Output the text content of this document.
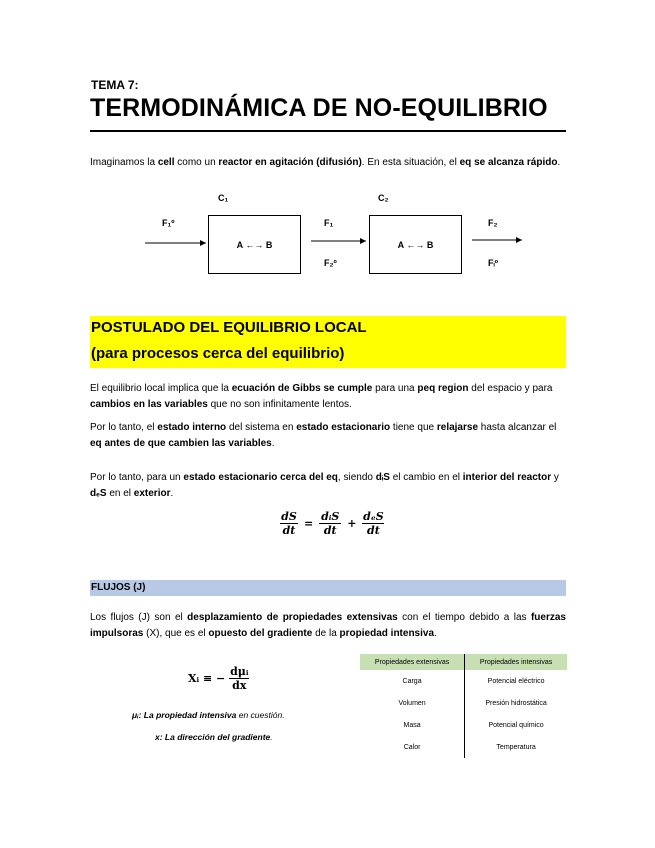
TEMA 7:
TERMODINÁMICA DE NO-EQUILIBRIO
Imaginamos la cell como un reactor en agitación (difusión). En esta situación, el eq se alcanza rápido.
C₁	C₂
F₁º	F₁
F₂º
F₂
Fᵢº
A ←→ B	A ←→ B
POSTULADO DEL EQUILIBRIO LOCAL
(para procesos cerca del equilibrio)
El equilibrio local implica que la ecuación de Gibbs se cumple para una peq region del espacio y para cambios en las variables que no son infinitamente lentos.
Por lo tanto, el estado interno del sistema en estado estacionario tiene que relajarse hasta alcanzar el eq antes de que cambien las variables.
Por lo tanto, para un estado estacionario cerca del eq, siendo dᵢS el cambio en el interior del reactor y dₑS en el exterior.
dS
dt
=
dᵢS
dt
+
dₑS
dt
FLUJOS (J)
Los flujos (J) son el desplazamiento de propiedades extensivas con el tiempo debido a las fuerzas impulsoras (X), que es el opuesto del gradiente de la propiedad intensiva.
Xᵢ ≡ −
dμᵢ
dx
μᵢ: La propiedad intensiva en cuestión.
x: La dirección del gradiente.
Propiedades extensivas	Propiedades intensivas
Carga	Potencial eléctrico
Volumen	Presión hidrostática
Masa	Potencial químico
Calor	Temperatura
